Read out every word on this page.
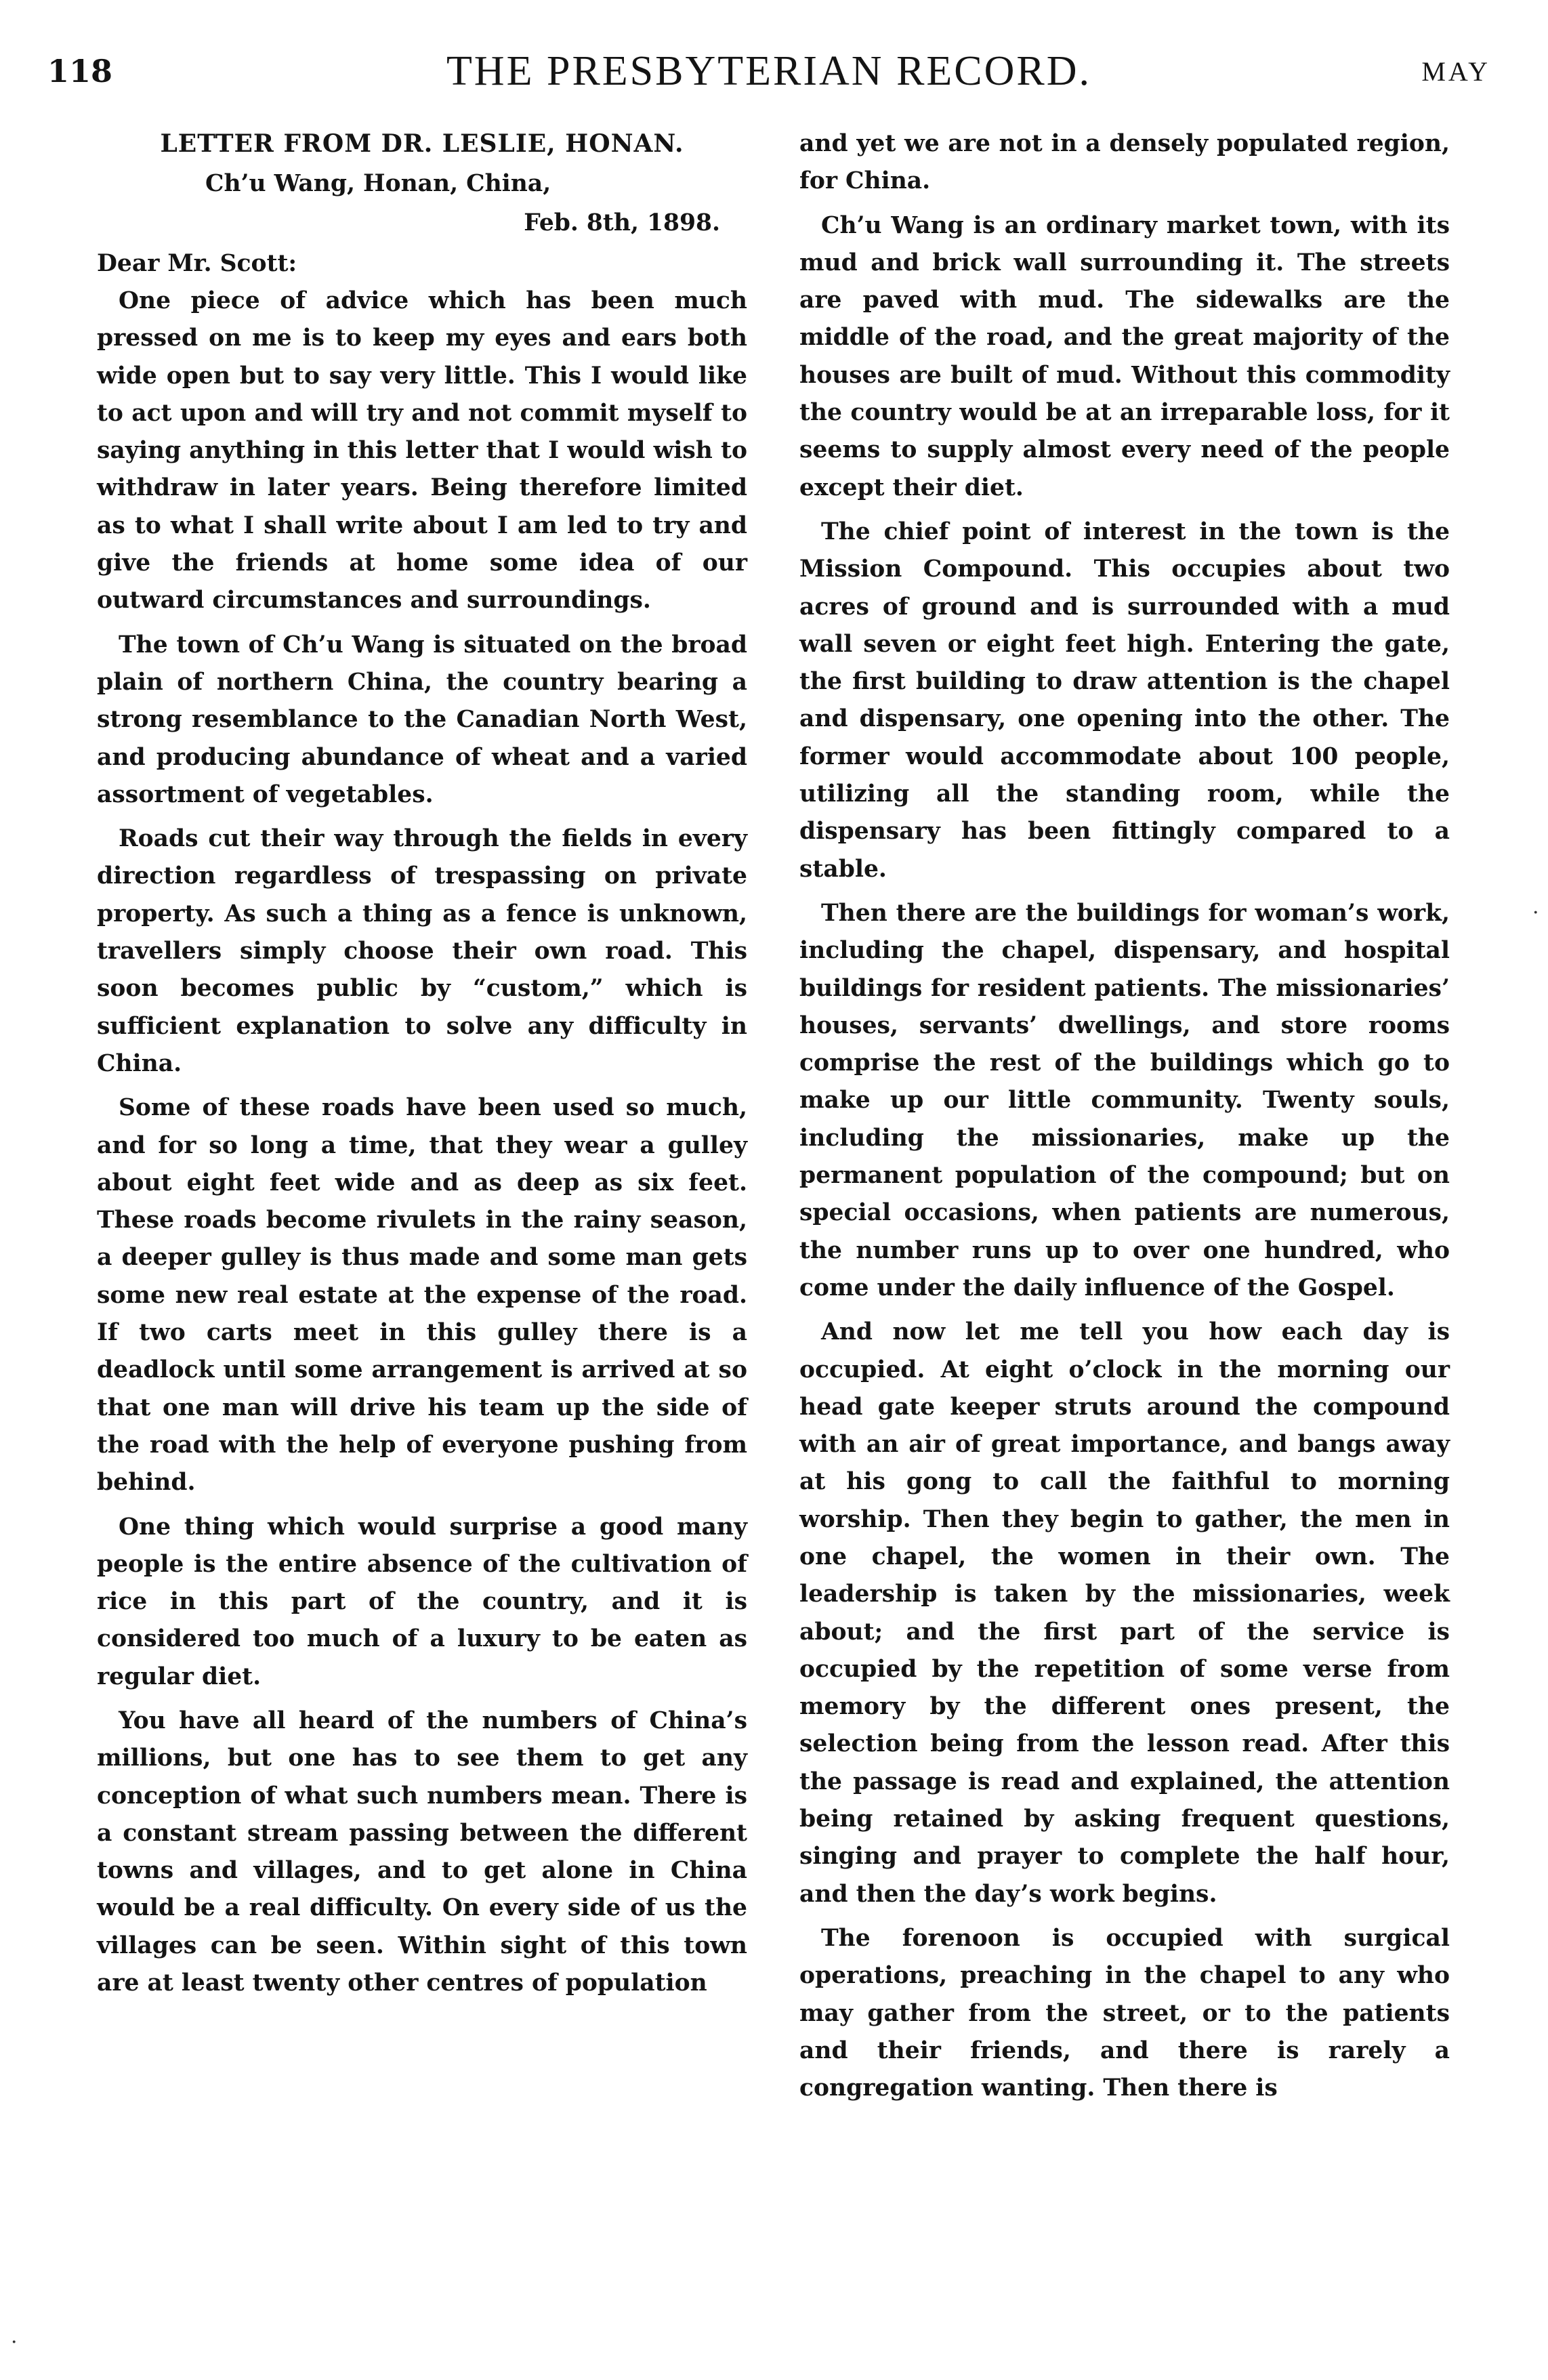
118	THE PRESBYTERIAN RECORD.	MAY
LETTER FROM DR. LESLIE, HONAN.
Ch’u Wang, Honan, China,
Feb. 8th, 1898.
Dear Mr. Scott:

One piece of advice which has been much pressed on me is to keep my eyes and ears both wide open but to say very little. This I would like to act upon and will try and not commit myself to saying anything in this letter that I would wish to withdraw in later years. Being therefore limited as to what I shall write about I am led to try and give the friends at home some idea of our outward circumstances and surroundings.

The town of Ch’u Wang is situated on the broad plain of northern China, the country bearing a strong resemblance to the Canadian North West, and producing abundance of wheat and a varied assortment of vegetables.

Roads cut their way through the fields in every direction regardless of trespassing on private property. As such a thing as a fence is unknown, travellers simply choose their own road. This soon becomes public by “custom,” which is sufficient explanation to solve any difficulty in China.

Some of these roads have been used so much, and for so long a time, that they wear a gulley about eight feet wide and as deep as six feet. These roads become rivulets in the rainy season, a deeper gulley is thus made and some man gets some new real estate at the expense of the road. If two carts meet in this gulley there is a deadlock until some arrangement is arrived at so that one man will drive his team up the side of the road with the help of everyone pushing from behind.

One thing which would surprise a good many people is the entire absence of the cultivation of rice in this part of the country, and it is considered too much of a luxury to be eaten as regular diet.

You have all heard of the numbers of China’s millions, but one has to see them to get any conception of what such numbers mean. There is a constant stream passing between the different towns and villages, and to get alone in China would be a real difficulty. On every side of us the villages can be seen. Within sight of this town are at least twenty other centres of population

and yet we are not in a densely populated region, for China.

Ch’u Wang is an ordinary market town, with its mud and brick wall surrounding it. The streets are paved with mud. The sidewalks are the middle of the road, and the great majority of the houses are built of mud. Without this commodity the country would be at an irreparable loss, for it seems to supply almost every need of the people except their diet.

The chief point of interest in the town is the Mission Compound. This occupies about two acres of ground and is surrounded with a mud wall seven or eight feet high. Entering the gate, the first building to draw attention is the chapel and dispensary, one opening into the other. The former would accommodate about 100 people, utilizing all the standing room, while the dispensary has been fittingly compared to a stable.

Then there are the buildings for woman’s work, including the chapel, dispensary, and hospital buildings for resident patients. The missionaries’ houses, servants’ dwellings, and store rooms comprise the rest of the buildings which go to make up our little community. Twenty souls, including the missionaries, make up the permanent population of the compound; but on special occasions, when patients are numerous, the number runs up to over one hundred, who come under the daily influence of the Gospel.

And now let me tell you how each day is occupied. At eight o’clock in the morning our head gate keeper struts around the compound with an air of great importance, and bangs away at his gong to call the faithful to morning worship. Then they begin to gather, the men in one chapel, the women in their own. The leadership is taken by the missionaries, week about; and the first part of the service is occupied by the repetition of some verse from memory by the different ones present, the selection being from the lesson read. After this the passage is read and explained, the attention being retained by asking frequent questions, singing and prayer to complete the half hour, and then the day’s work begins.

The forenoon is occupied with surgical operations, preaching in the chapel to any who may gather from the street, or to the patients and their friends, and there is rarely a congregation wanting. Then there is

·
·
